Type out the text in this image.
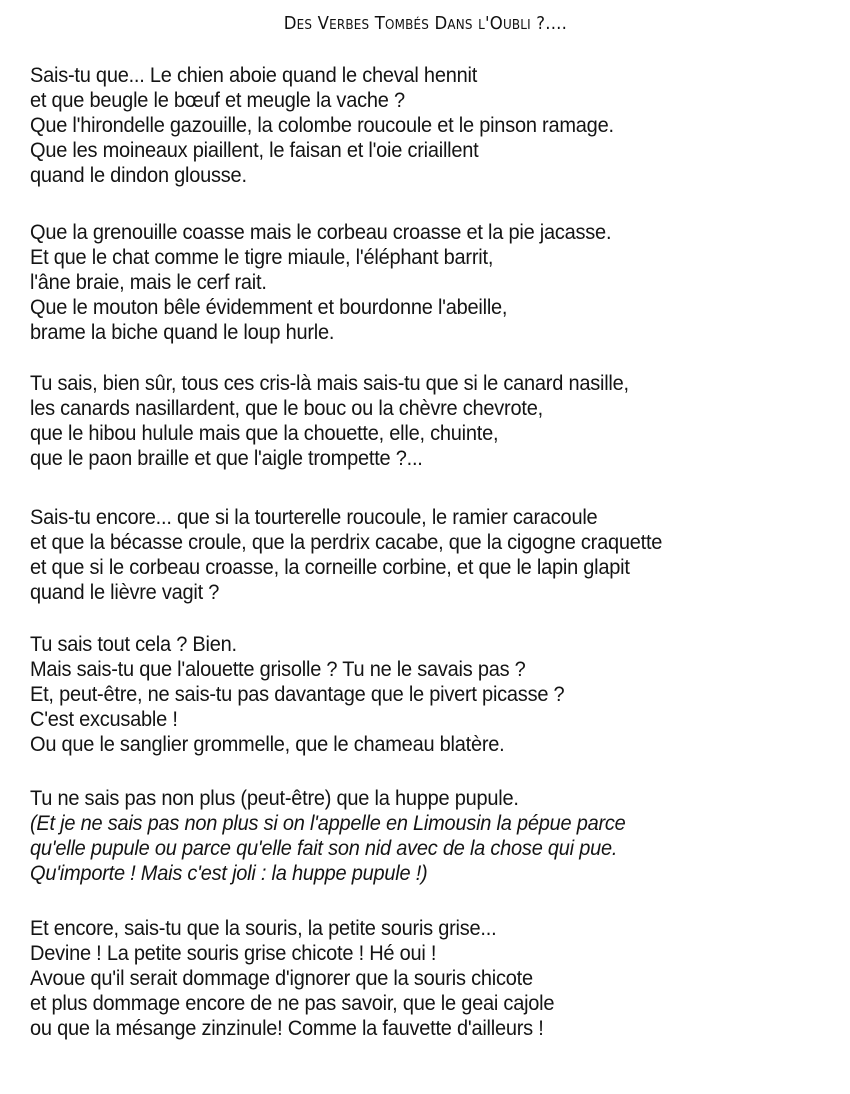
Des Verbes Tombés Dans l'Oubli ?....
Sais-tu que... Le chien aboie quand le cheval hennit
et que beugle le bœuf et meugle la vache ?
Que l'hirondelle gazouille, la colombe roucoule et le pinson ramage.
Que les moineaux piaillent, le faisan et l'oie criaillent
quand le dindon glousse.
Que la grenouille coasse mais le corbeau croasse et la pie jacasse.
Et que le chat comme le tigre miaule, l'éléphant barrit,
l'âne braie, mais le cerf rait.
Que le mouton bêle évidemment et bourdonne l'abeille,
brame la biche quand le loup hurle.
Tu sais, bien sûr, tous ces cris-là mais sais-tu que si le canard nasille,
les canards nasillardent, que le bouc ou la chèvre chevrote,
que le hibou hulule mais que la chouette, elle, chuinte,
que le paon braille et que l'aigle trompette ?...
Sais-tu encore... que si la tourterelle roucoule, le ramier caracoule
et que la bécasse croule, que la perdrix cacabe, que la cigogne craquette
et que si le corbeau croasse, la corneille corbine, et que le lapin glapit
quand le lièvre vagit ?
Tu sais tout cela ? Bien.
Mais sais-tu que l'alouette grisolle ? Tu ne le savais pas ?
Et, peut-être, ne sais-tu pas davantage que le pivert picasse ?
C'est excusable !
Ou que le sanglier grommelle, que le chameau blatère.
Tu ne sais pas non plus (peut-être) que la huppe pupule.
(Et je ne sais pas non plus si on l'appelle en Limousin la pépue parce
qu'elle pupule ou parce qu'elle fait son nid avec de la chose qui pue.
Qu'importe ! Mais c'est joli : la huppe pupule !)
Et encore, sais-tu que la souris, la petite souris grise...
Devine ! La petite souris grise chicote ! Hé oui !
Avoue qu'il serait dommage d'ignorer que la souris chicote
et plus dommage encore de ne pas savoir, que le geai cajole
ou que la mésange zinzinule! Comme la fauvette d'ailleurs !
